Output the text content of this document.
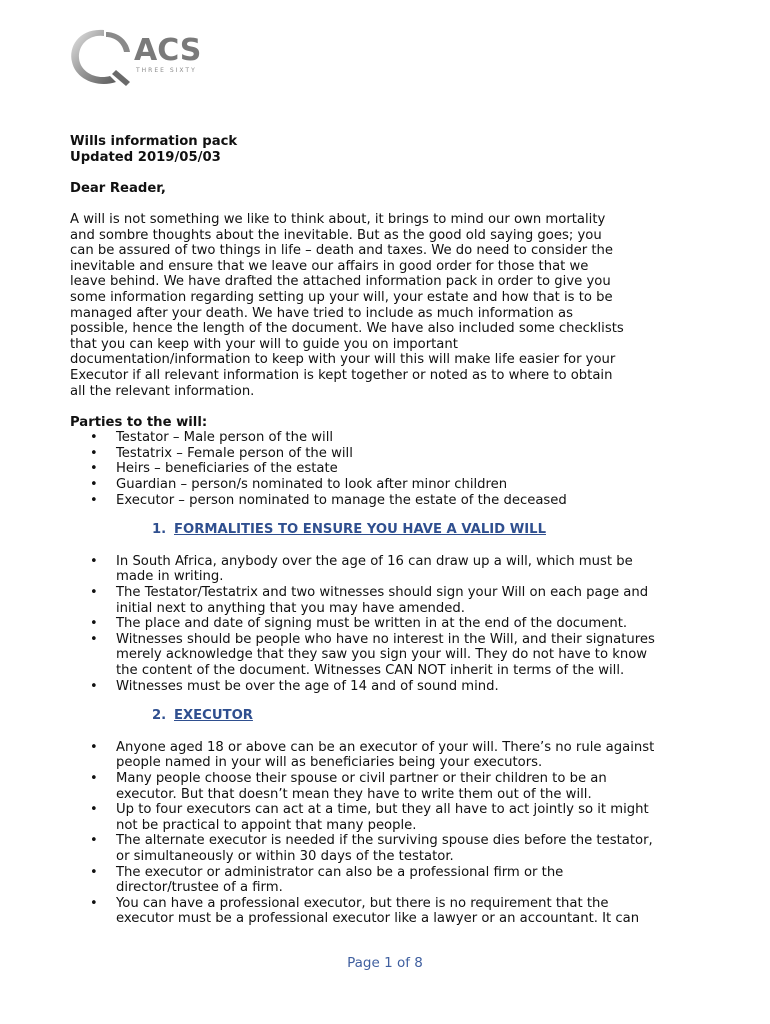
ACS
THREE SIXTY
Wills information pack
Updated 2019/05/03
Dear Reader,
A will is not something we like to think about, it brings to mind our own mortality
and sombre thoughts about the inevitable. But as the good old saying goes; you
can be assured of two things in life – death and taxes. We do need to consider the
inevitable and ensure that we leave our affairs in good order for those that we
leave behind. We have drafted the attached information pack in order to give you
some information regarding setting up your will, your estate and how that is to be
managed after your death. We have tried to include as much information as
possible, hence the length of the document. We have also included some checklists
that you can keep with your will to guide you on important
documentation/information to keep with your will this will make life easier for your
Executor if all relevant information is kept together or noted as to where to obtain
all the relevant information.
Parties to the will:
• Testator – Male person of the will
• Testatrix – Female person of the will
• Heirs – beneficiaries of the estate
• Guardian – person/s nominated to look after minor children
• Executor – person nominated to manage the estate of the deceased
1. FORMALITIES TO ENSURE YOU HAVE A VALID WILL
• In South Africa, anybody over the age of 16 can draw up a will, which must be
made in writing.
• The Testator/Testatrix and two witnesses should sign your Will on each page and
initial next to anything that you may have amended.
• The place and date of signing must be written in at the end of the document.
• Witnesses should be people who have no interest in the Will, and their signatures
merely acknowledge that they saw you sign your will. They do not have to know
the content of the document. Witnesses CAN NOT inherit in terms of the will.
• Witnesses must be over the age of 14 and of sound mind.
2. EXECUTOR
• Anyone aged 18 or above can be an executor of your will. There’s no rule against
people named in your will as beneficiaries being your executors.
• Many people choose their spouse or civil partner or their children to be an
executor. But that doesn’t mean they have to write them out of the will.
• Up to four executors can act at a time, but they all have to act jointly so it might
not be practical to appoint that many people.
• The alternate executor is needed if the surviving spouse dies before the testator,
or simultaneously or within 30 days of the testator.
• The executor or administrator can also be a professional firm or the
director/trustee of a firm.
• You can have a professional executor, but there is no requirement that the
executor must be a professional executor like a lawyer or an accountant. It can
Page 1 of 8
